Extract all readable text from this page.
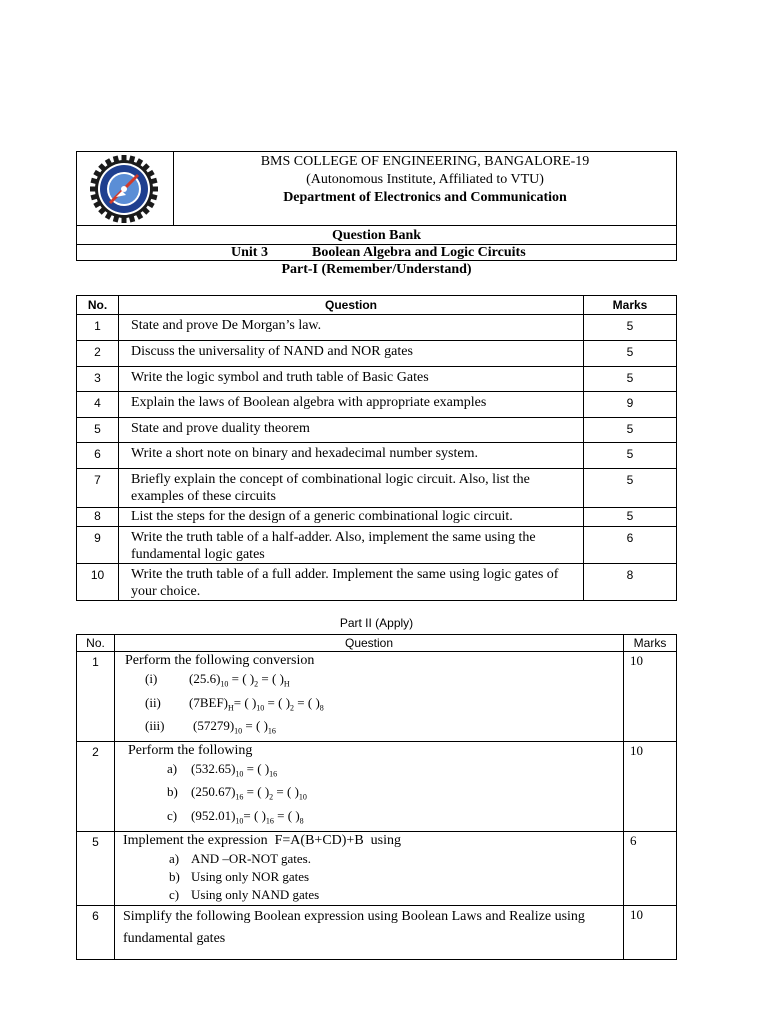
BMS COLLEGE OF ENGINEERING, BANGALORE-19
(Autonomous Institute, Affiliated to VTU)
Department of Electronics and Communication
Question Bank
Unit 3	Boolean Algebra and Logic Circuits
Part-I (Remember/Understand)
No.	Question	Marks
1	State and prove De Morgan’s law.	5
2	Discuss the universality of NAND and NOR gates	5
3	Write the logic symbol and truth table of Basic Gates	5
4	Explain the laws of Boolean algebra with appropriate examples	9
5	State and prove duality theorem	5
6	Write a short note on binary and hexadecimal number system.	5
7	Briefly explain the concept of combinational logic circuit. Also, list the examples of these circuits	5
8	List the steps for the design of a generic combinational logic circuit.	5
9	Write the truth table of a half-adder. Also, implement the same using the fundamental logic gates	6
10	Write the truth table of a full adder. Implement the same using logic gates of your choice.	8
Part II (Apply)
No.	Question	Marks
1	Perform the following conversion
(i) $(25.6)_{10}$ = ( )$_2$ = ( )$_H$
(ii) $(7BEF)_H=$ ( )$_{10}$ = ( )$_2$ = ( )$_8$
(iii) $(57279)_{10}$ = ( )$_{16}$	10
2	Perform the following
a) $(532.65)_{10}$ = ( )$_{16}$
b) $(250.67)_{16}$ = ( )$_2$ = ( )$_{10}$
c) $(952.01)_{10}=$ ( )$_{16}$ = ( )$_8$	10
5	Implement the expression  F=A(B+CD)+B  using
a) AND –OR-NOT gates.
b) Using only NOR gates
c) Using only NAND gates	6
6	Simplify the following Boolean expression using Boolean Laws and Realize using fundamental gates	10
